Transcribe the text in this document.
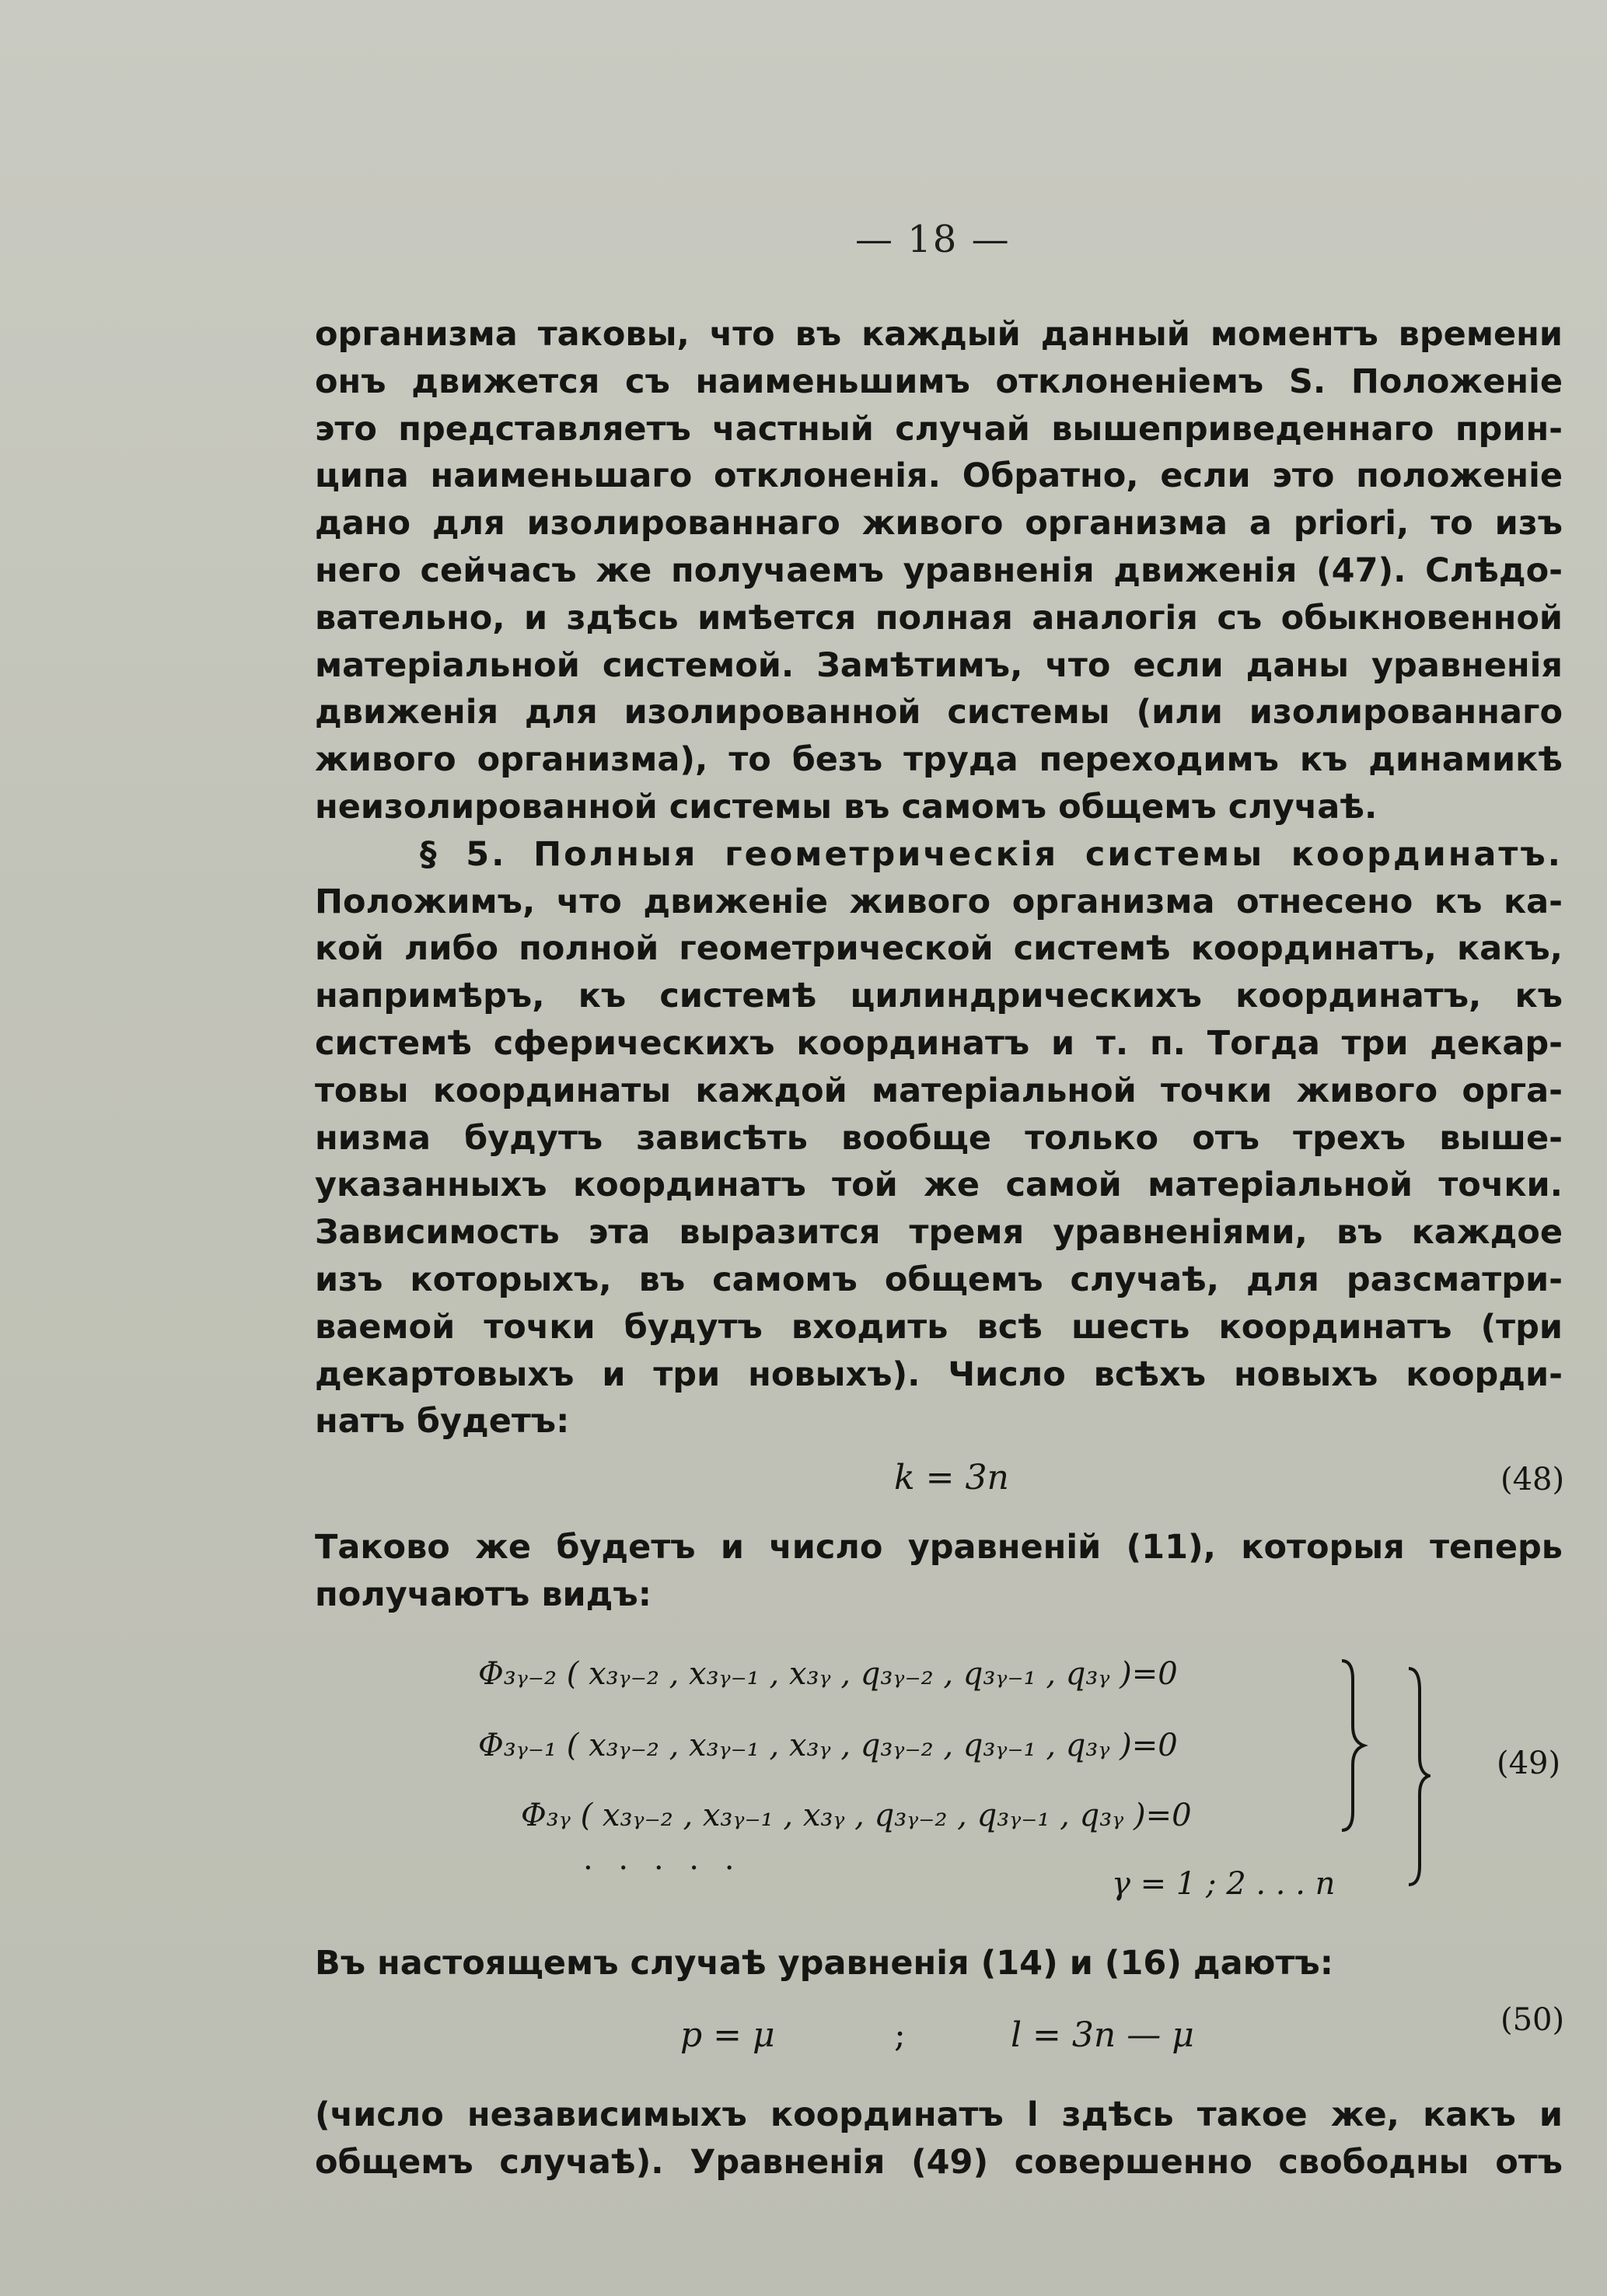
— 18 —
организма таковы, что въ каждый данный моментъ времени
онъ движется съ наименьшимъ отклоненіемъ S. Положеніе
это представляетъ частный случай вышеприведеннаго прин-
ципа наименьшаго отклоненія. Обратно, если это положеніе
дано для изолированнаго живого организма a priori, то изъ
него сейчасъ же получаемъ уравненія движенія (47). Слѣдо-
вательно, и здѣсь имѣется полная аналогія съ обыкновенной
матеріальной системой. Замѣтимъ, что если даны уравненія
движенія для изолированной системы (или изолированнаго
живого организма), то безъ труда переходимъ къ динамикѣ
неизолированной системы въ самомъ общемъ случаѣ.
§ 5. Полныя геометрическія системы координатъ.
Положимъ, что движеніе живого организма отнесено къ ка-
кой либо полной геометрической системѣ координатъ, какъ,
напримѣръ, къ системѣ цилиндрическихъ координатъ, къ
системѣ сферическихъ координатъ и т. п. Тогда три декар-
товы координаты каждой матеріальной точки живого орга-
низма будутъ зависѣть вообще только отъ трехъ выше-
указанныхъ координатъ той же самой матеріальной точки.
Зависимость эта выразится тремя уравненіями, въ каждое
изъ которыхъ, въ самомъ общемъ случаѣ, для разсматри-
ваемой точки будутъ входить всѣ шесть координатъ (три
декартовыхъ и три новыхъ). Число всѣхъ новыхъ коорди-
натъ будетъ:
k = 3n	(48)
Таково же будетъ и число уравненій (11), которыя теперь
получаютъ видъ:
Φ₃ᵧ₋₂ ( x₃ᵧ₋₂ , x₃ᵧ₋₁ , x₃ᵧ , q₃ᵧ₋₂ , q₃ᵧ₋₁ , q₃ᵧ )=0
Φ₃ᵧ₋₁ ( x₃ᵧ₋₂ , x₃ᵧ₋₁ , x₃ᵧ , q₃ᵧ₋₂ , q₃ᵧ₋₁ , q₃ᵧ )=0
Φ₃ᵧ ( x₃ᵧ₋₂ , x₃ᵧ₋₁ , x₃ᵧ , q₃ᵧ₋₂ , q₃ᵧ₋₁ , q₃ᵧ )=0
. . . . .
γ = 1 ; 2 . . . n
(49)
Въ настоящемъ случаѣ уравненія (14) и (16) даютъ:
p = μ	;	l = 3n — μ	(50)
(число независимыхъ координатъ l здѣсь такое же, какъ и
общемъ случаѣ). Уравненія (49) совершенно свободны отъ
